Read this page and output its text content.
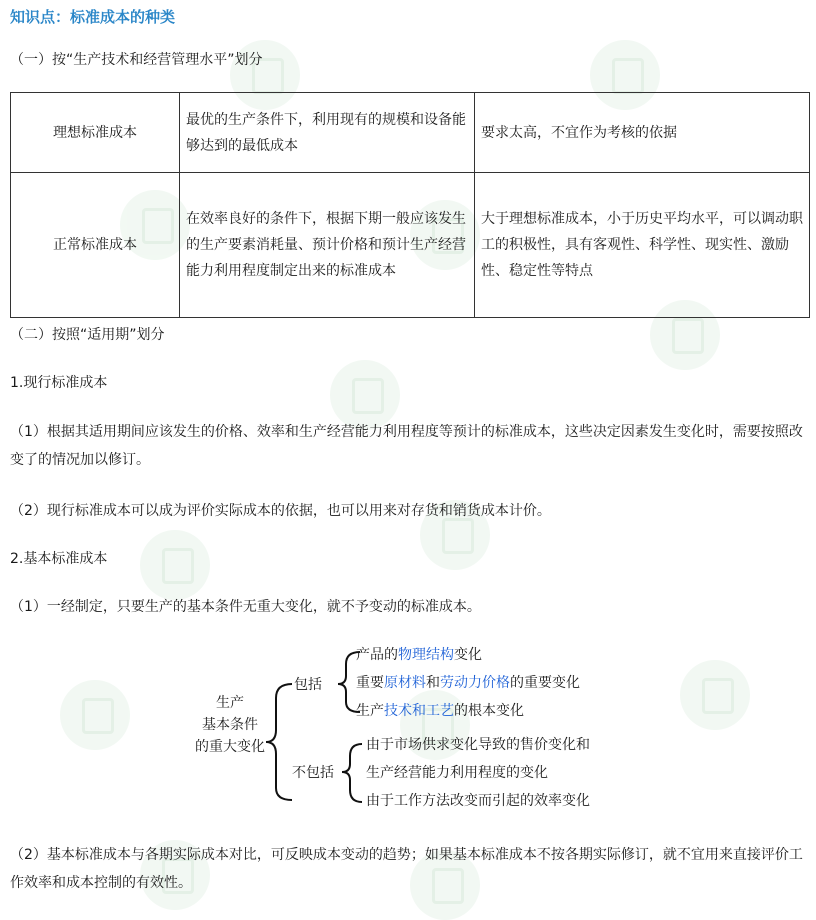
知识点：标准成本的种类
（一）按“生产技术和经营管理水平”划分
理想标准成本	最优的生产条件下，利用现有的规模和设备能够达到的最低成本	要求太高，不宜作为考核的依据
正常标准成本	在效率良好的条件下，根据下期一般应该发生的生产要素消耗量、预计价格和预计生产经营能力利用程度制定出来的标准成本	大于理想标准成本，小于历史平均水平，可以调动职工的积极性，具有客观性、科学性、现实性、激励性、稳定性等特点
（二）按照“适用期”划分
1.现行标准成本
（1）根据其适用期间应该发生的价格、效率和生产经营能力利用程度等预计的标准成本，这些决定因素发生变化时，需要按照改变了的情况加以修订。
（2）现行标准成本可以成为评价实际成本的依据，也可以用来对存货和销货成本计价。
2.基本标准成本
（1）一经制定，只要生产的基本条件无重大变化，就不予变动的标准成本。
生产
基本条件
的重大变化
包括
不包括
产品的物理结构变化
重要原材料和劳动力价格的重要变化
生产技术和工艺的根本变化
由于市场供求变化导致的售价变化和
生产经营能力利用程度的变化
由于工作方法改变而引起的效率变化
（2）基本标准成本与各期实际成本对比，可反映成本变动的趋势；如果基本标准成本不按各期实际修订，就不宜用来直接评价工作效率和成本控制的有效性。
